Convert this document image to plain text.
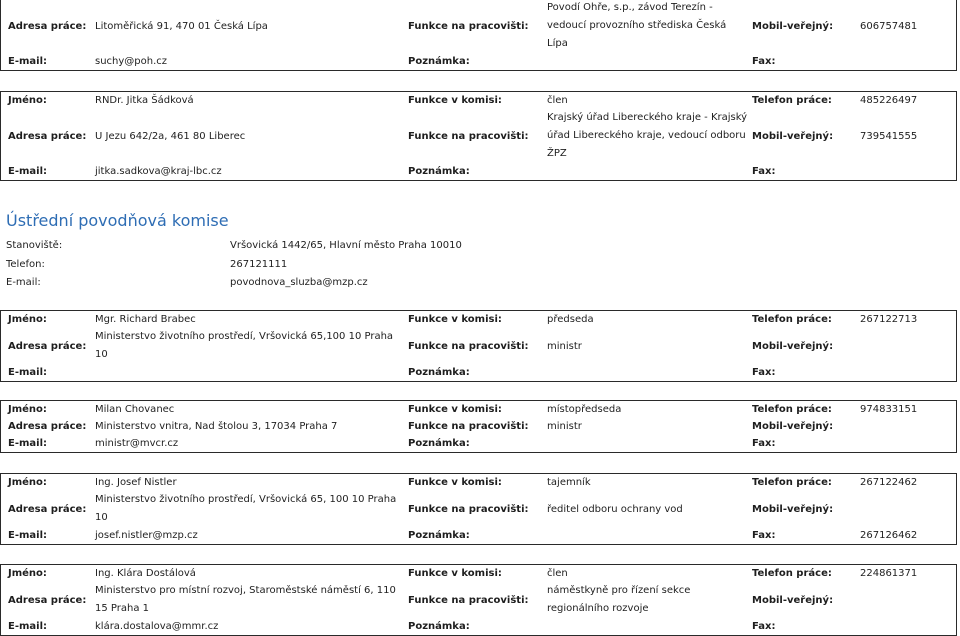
Adresa práce:	Litoměřická 91, 470 01 Česká Lípa	Funkce na pracovišti:	Povodí Ohře, s.p., závod Terezín -
vedoucí provozního střediska Česká
Lípa	Mobil-veřejný:	606757481
E-mail:	suchy@poh.cz	Poznámka:		Fax:	
Jméno:	RNDr. Jitka Šádková	Funkce v komisi:	člen	Telefon práce:	485226497
Adresa práce:	U Jezu 642/2a, 461 80 Liberec	Funkce na pracovišti:	Krajský úřad Libereckého kraje - Krajský
úřad Libereckého kraje, vedoucí odboru
ŽPZ	Mobil-veřejný:	739541555
E-mail:	jitka.sadkova@kraj-lbc.cz	Poznámka:		Fax:	
Ústřední povodňová komise
Stanoviště:	Vršovická 1442/65, Hlavní město Praha 10010
Telefon:	267121111
E-mail:	povodnova_sluzba@mzp.cz
Jméno:	Mgr. Richard Brabec	Funkce v komisi:	předseda	Telefon práce:	267122713
Adresa práce:	Ministerstvo životního prostředí, Vršovická 65,100 10 Praha
10	Funkce na pracovišti:	ministr	Mobil-veřejný:	
E-mail:		Poznámka:		Fax:	
Jméno:	Milan Chovanec	Funkce v komisi:	místopředseda	Telefon práce:	974833151
Adresa práce:	Ministerstvo vnitra, Nad štolou 3, 17034 Praha 7	Funkce na pracovišti:	ministr	Mobil-veřejný:	
E-mail:	ministr@mvcr.cz	Poznámka:		Fax:	
Jméno:	Ing. Josef Nistler	Funkce v komisi:	tajemník	Telefon práce:	267122462
Adresa práce:	Ministerstvo životního prostředí, Vršovická 65, 100 10 Praha
10	Funkce na pracovišti:	ředitel odboru ochrany vod	Mobil-veřejný:	
E-mail:	josef.nistler@mzp.cz	Poznámka:		Fax:	267126462
Jméno:	Ing. Klára Dostálová	Funkce v komisi:	člen	Telefon práce:	224861371
Adresa práce:	Ministerstvo pro místní rozvoj, Staroměstské náměstí 6, 110
15 Praha 1	Funkce na pracovišti:	náměstkyně pro řízení sekce
regionálního rozvoje	Mobil-veřejný:	
E-mail:	klára.dostalova@mmr.cz	Poznámka:		Fax:	
